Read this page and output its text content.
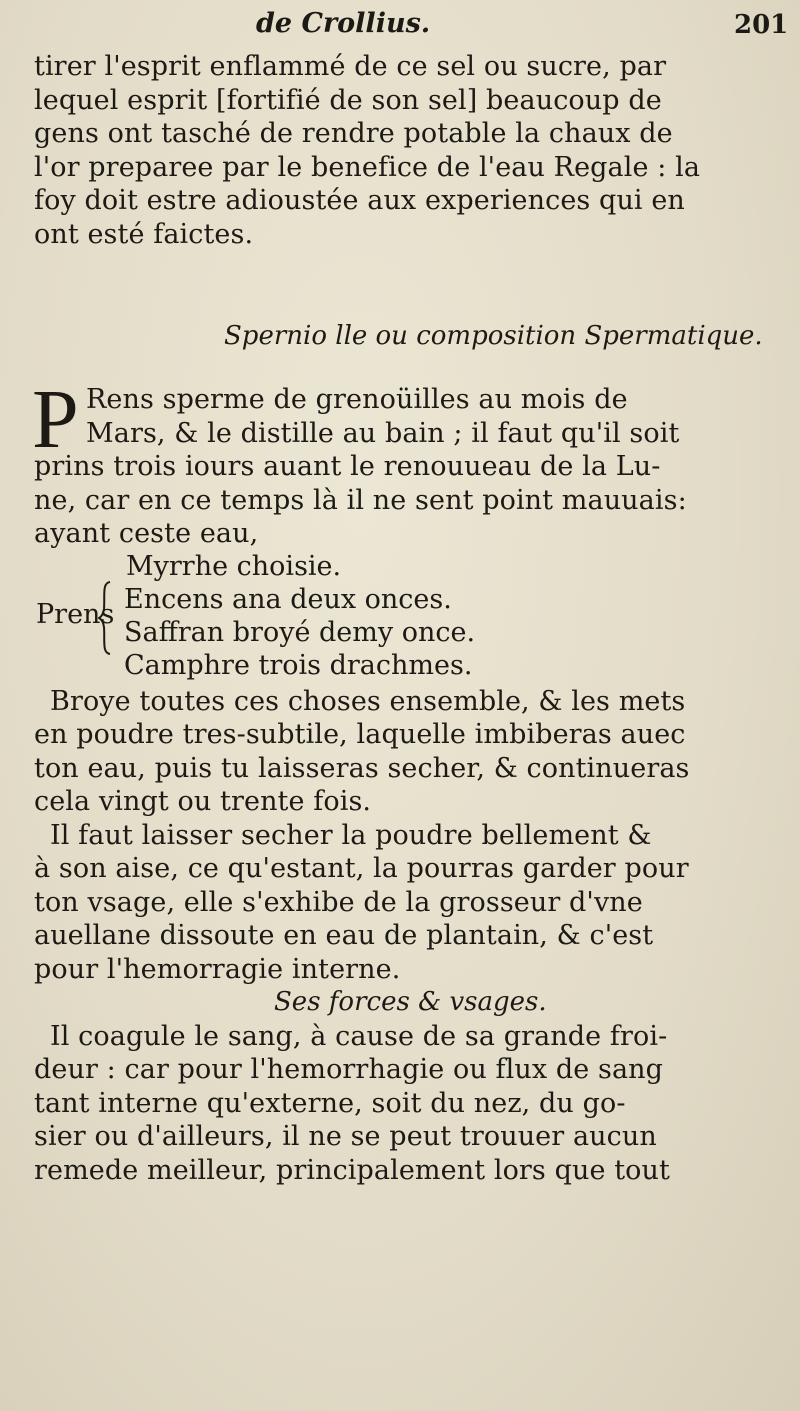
de Crollius.	201
tirer l'esprit enflammé de ce sel ou sucre, par
lequel esprit [fortifié de son sel] beaucoup de
gens ont tasché de rendre potable la chaux de
l'or preparee par le benefice de l'eau Regale : la
foy doit estre adioustée aux experiences qui en
ont esté faictes.
Spernio lle ou composition Spermatique.
P Rens sperme de grenoüilles au mois de
Mars, & le distille au bain ; il faut qu'il soit
prins trois iours auant le renouueau de la Lu-
ne, car en ce temps là il ne sent point mauuais:
ayant ceste eau,
Prens
Myrrhe choisie.
Encens ana deux onces.
Saffran broyé demy once.
Camphre trois drachmes.
Broye toutes ces choses ensemble, & les mets
en poudre tres-subtile, laquelle imbiberas auec
ton eau, puis tu laisseras secher, & continueras
cela vingt ou trente fois.
Il faut laisser secher la poudre bellement &
à son aise, ce qu'estant, la pourras garder pour
ton vsage, elle s'exhibe de la grosseur d'vne
auellane dissoute en eau de plantain, & c'est
pour l'hemorragie interne.
Ses forces & vsages.
Il coagule le sang, à cause de sa grande froi-
deur : car pour l'hemorrhagie ou flux de sang
tant interne qu'externe, soit du nez, du go-
sier ou d'ailleurs, il ne se peut trouuer aucun
remede meilleur, principalement lors que tout
